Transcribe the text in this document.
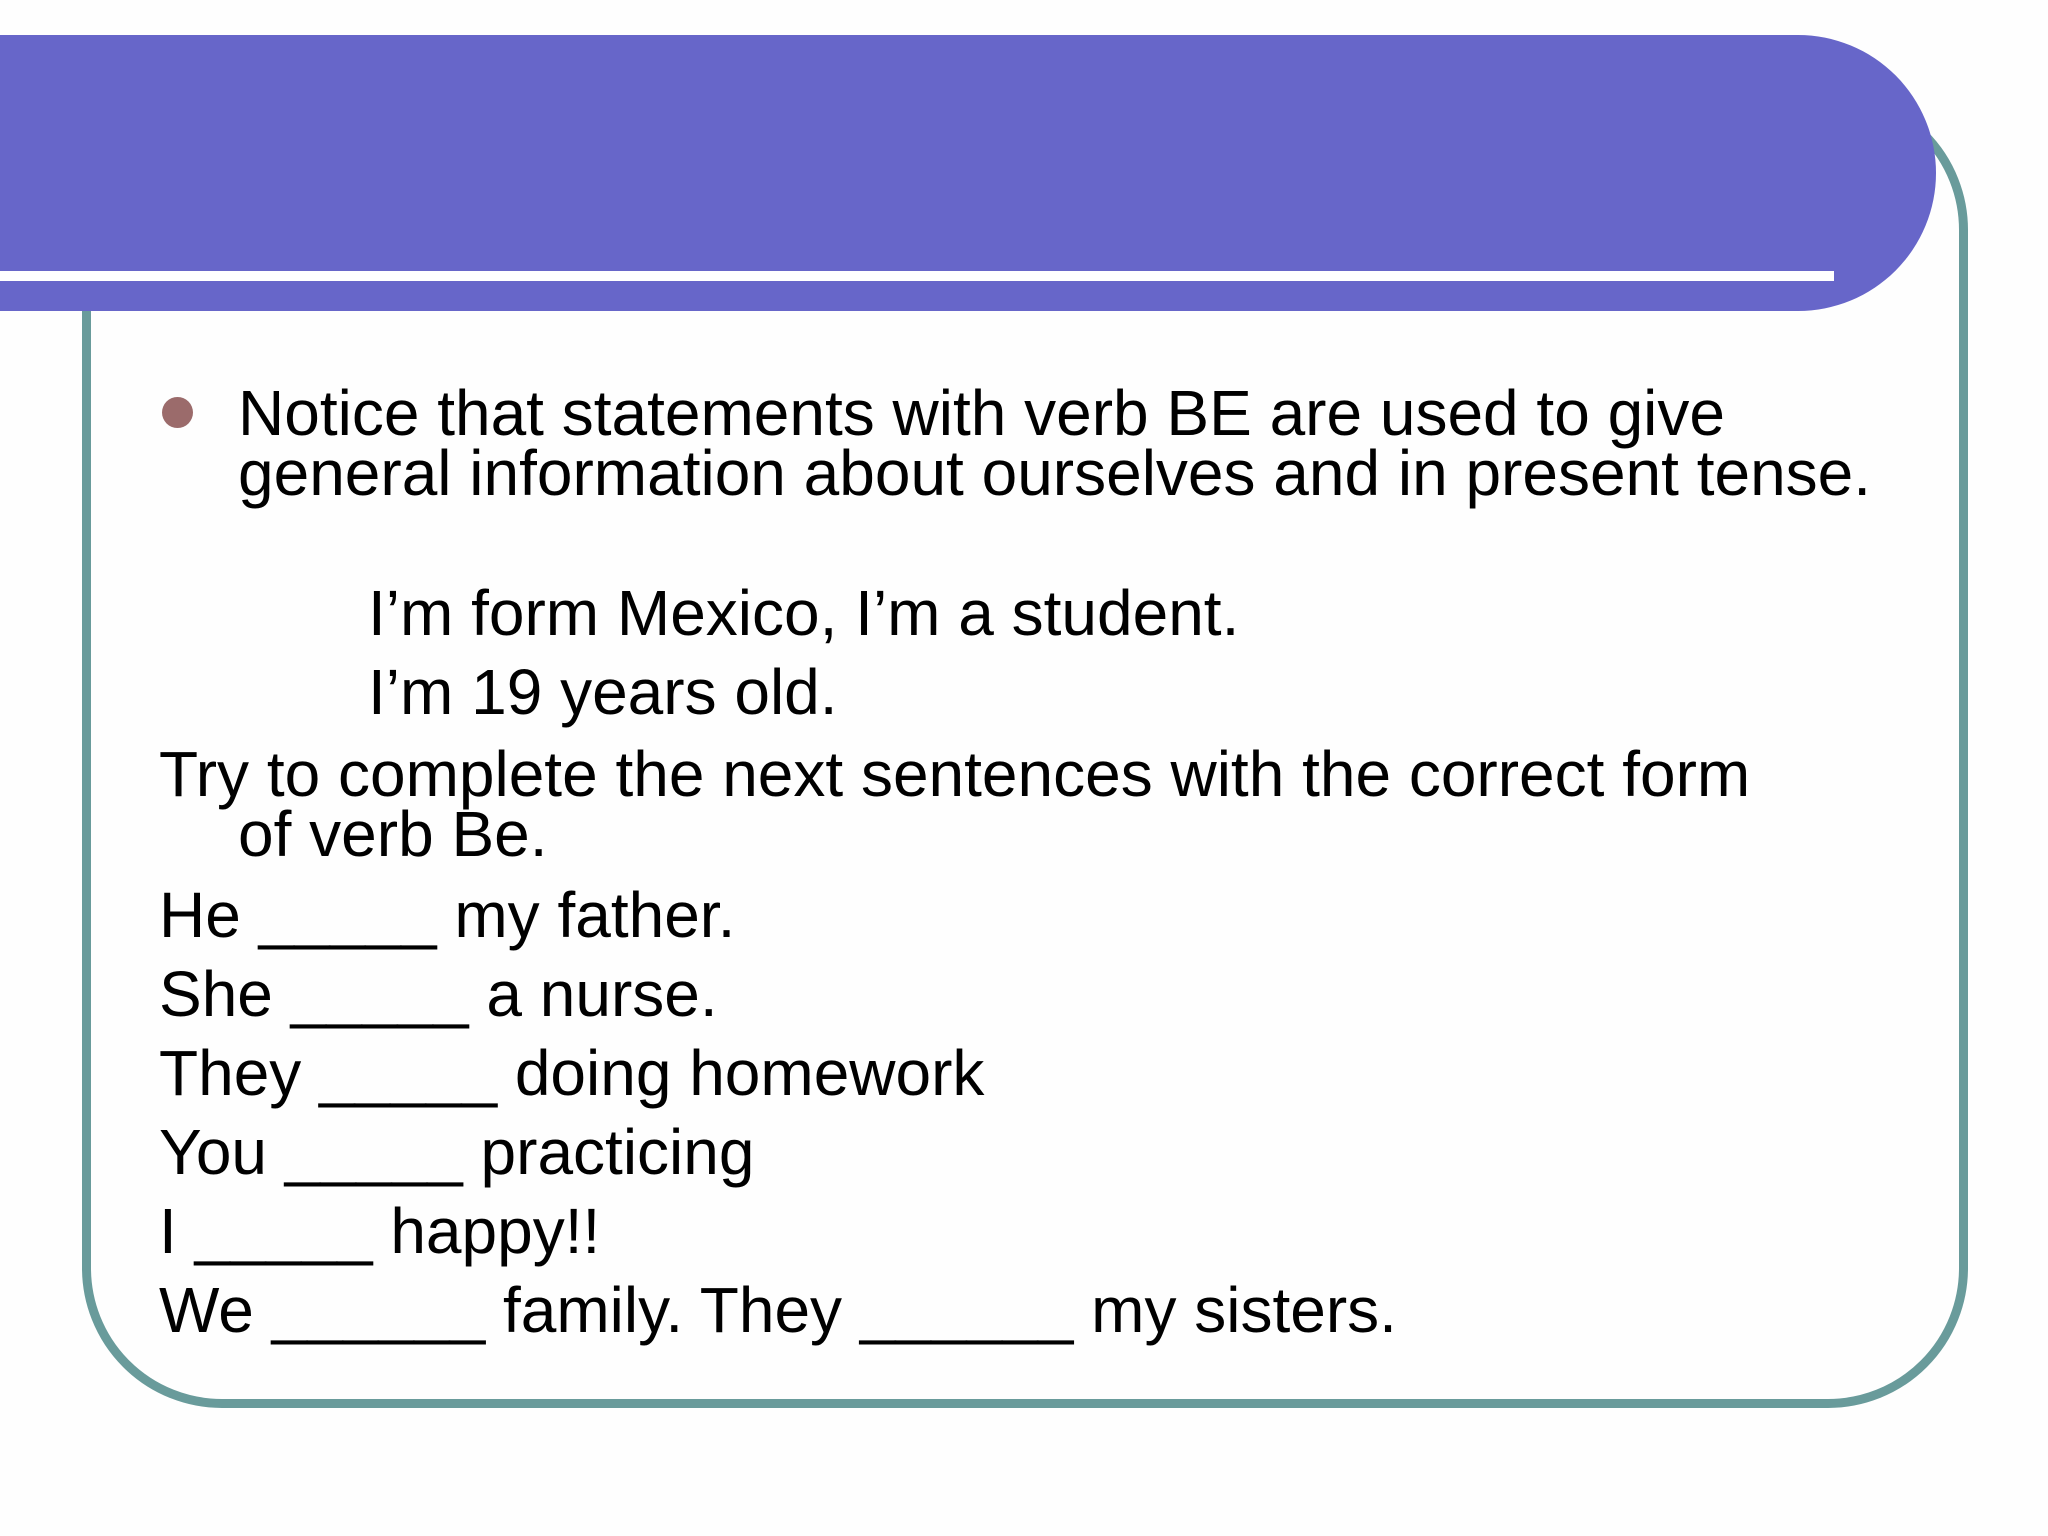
Notice that statements with verb BE are used to give general information about ourselves and in present tense.
I’m form Mexico, I’m a student.
I’m 19 years old.
Try to complete the next sentences with the correct form
of verb Be.
He _____ my father.
She _____ a nurse.
They _____ doing homework
You _____ practicing
I _____ happy!!
We ______ family. They ______ my sisters.
